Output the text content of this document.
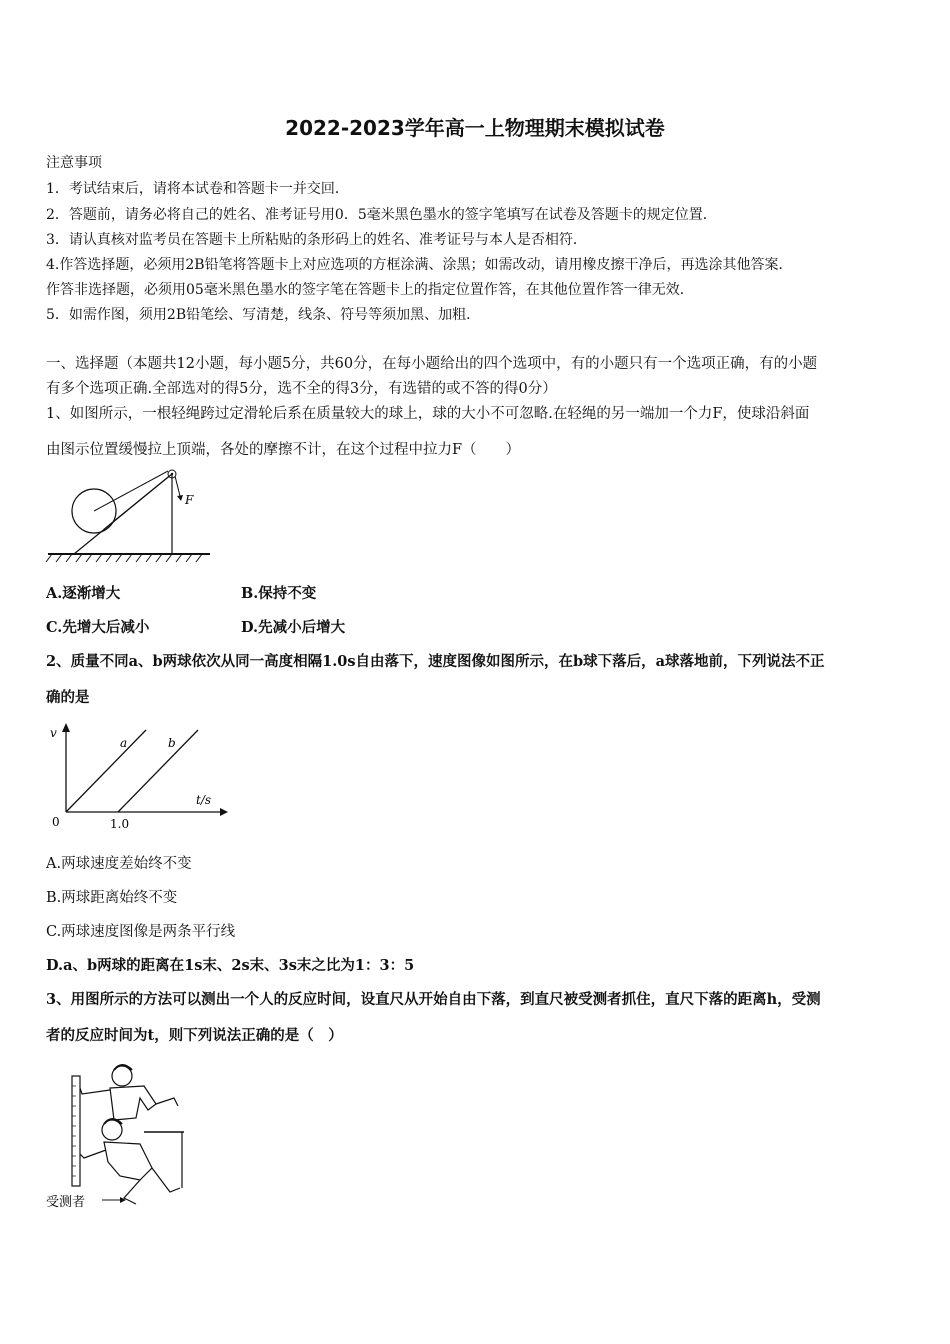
2022-2023学年高一上物理期末模拟试卷
注意事项
1．考试结束后，请将本试卷和答题卡一并交回．
2．答题前，请务必将自己的姓名、准考证号用0．5毫米黑色墨水的签字笔填写在试卷及答题卡的规定位置．
3．请认真核对监考员在答题卡上所粘贴的条形码上的姓名、准考证号与本人是否相符．
4.作答选择题，必须用2B铅笔将答题卡上对应选项的方框涂满、涂黑；如需改动，请用橡皮擦干净后，再选涂其他答案．
作答非选择题，必须用05毫米黑色墨水的签字笔在答题卡上的指定位置作答，在其他位置作答一律无效．
5．如需作图，须用2B铅笔绘、写清楚，线条、符号等须加黑、加粗．
一、选择题（本题共12小题，每小题5分，共60分，在每小题给出的四个选项中，有的小题只有一个选项正确，有的小题
有多个选项正确.全部选对的得5分，选不全的得3分，有选错的或不答的得0分）
1、如图所示，一根轻绳跨过定滑轮后系在质量较大的球上，球的大小不可忽略.在轻绳的另一端加一个力F，使球沿斜面
由图示位置缓慢拉上顶端，各处的摩擦不计，在这个过程中拉力F（　　）
F
A.逐渐增大	B.保持不变
C.先增大后减小	D.先减小后增大
2、质量不同a、b两球依次从同一高度相隔1.0s自由落下，速度图像如图所示，在b球下落后，a球落地前，下列说法不正
确的是
v
t/s
0	1.0
a	b
A.两球速度差始终不变
B.两球距离始终不变
C.两球速度图像是两条平行线
D.a、b两球的距离在1s末、2s末、3s末之比为1：3：5
3、用图所示的方法可以测出一个人的反应时间，设直尺从开始自由下落，到直尺被受测者抓住，直尺下落的距离h，受测
者的反应时间为t，则下列说法正确的是（　）
受测者
